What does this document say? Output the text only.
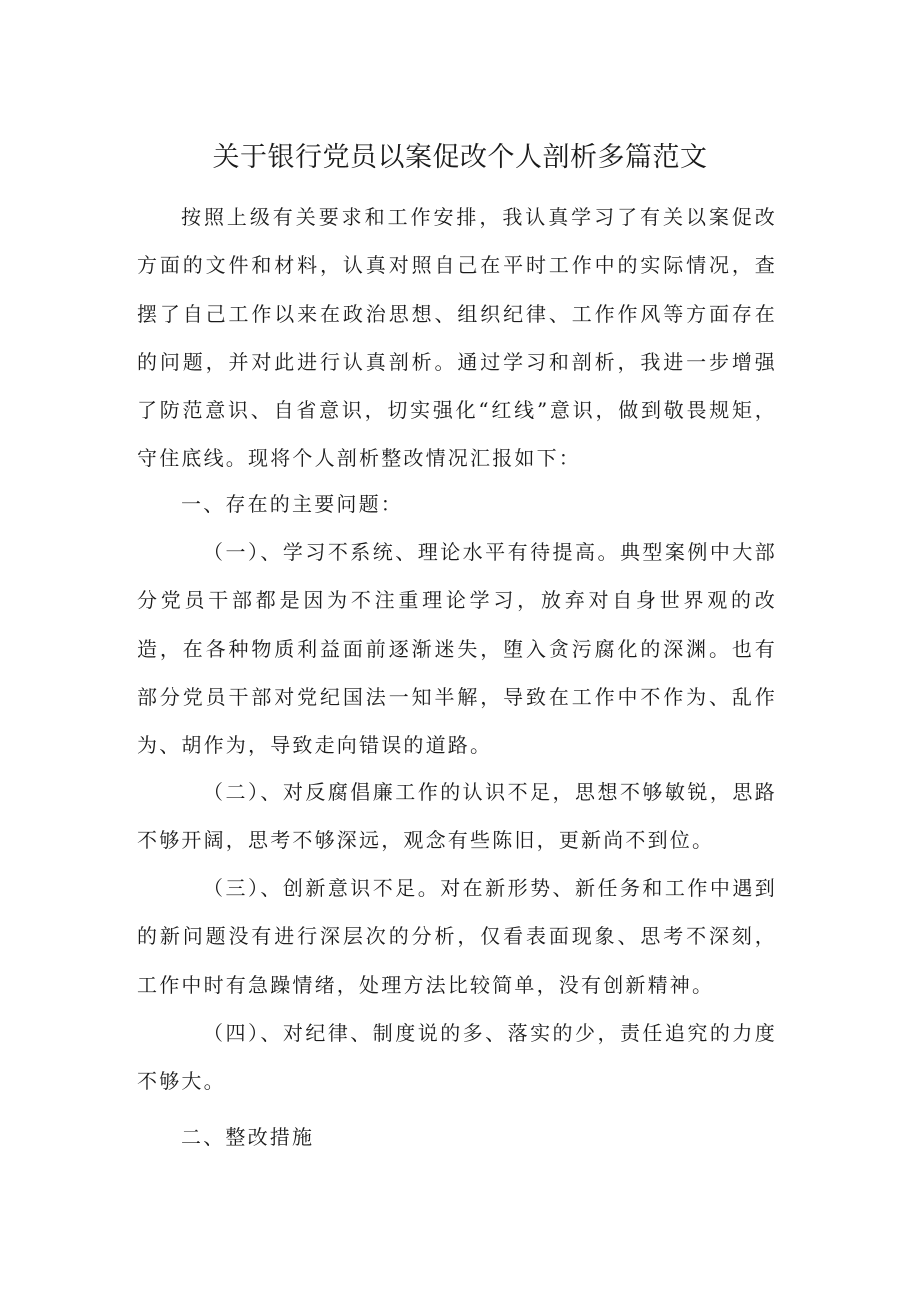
关于银行党员以案促改个人剖析多篇范文

按照上级有关要求和工作安排，我认真学习了有关以案促改方面的文件和材料，认真对照自己在平时工作中的实际情况，查摆了自己工作以来在政治思想、组织纪律、工作作风等方面存在的问题，并对此进行认真剖析。通过学习和剖析，我进一步增强了防范意识、自省意识，切实强化“红线”意识，做到敬畏规矩，守住底线。现将个人剖析整改情况汇报如下：

一、存在的主要问题：

（一）、学习不系统、理论水平有待提高。典型案例中大部分党员干部都是因为不注重理论学习，放弃对自身世界观的改造，在各种物质利益面前逐渐迷失，堕入贪污腐化的深渊。也有部分党员干部对党纪国法一知半解，导致在工作中不作为、乱作为、胡作为，导致走向错误的道路。

（二）、对反腐倡廉工作的认识不足，思想不够敏锐，思路不够开阔，思考不够深远，观念有些陈旧，更新尚不到位。

（三）、创新意识不足。对在新形势、新任务和工作中遇到的新问题没有进行深层次的分析，仅看表面现象、思考不深刻，工作中时有急躁情绪，处理方法比较简单，没有创新精神。

（四）、对纪律、制度说的多、落实的少，责任追究的力度不够大。

二、整改措施
